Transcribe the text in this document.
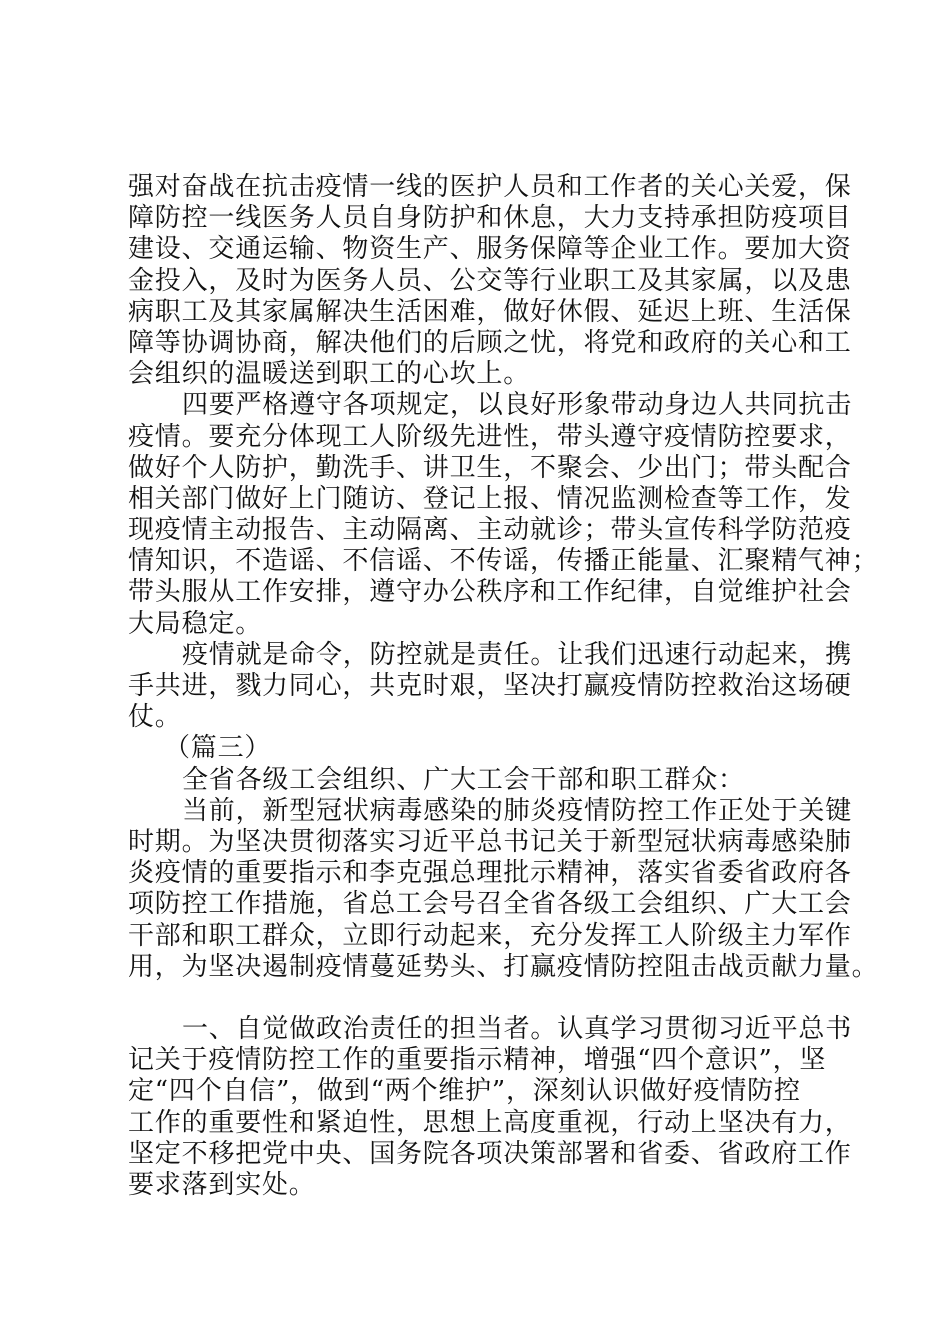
强对奋战在抗击疫情一线的医护人员和工作者的关心关爱，保
障防控一线医务人员自身防护和休息，大力支持承担防疫项目
建设、交通运输、物资生产、服务保障等企业工作。要加大资
金投入，及时为医务人员、公交等行业职工及其家属，以及患
病职工及其家属解决生活困难，做好休假、延迟上班、生活保
障等协调协商，解决他们的后顾之忧，将党和政府的关心和工
会组织的温暖送到职工的心坎上。
四要严格遵守各项规定，以良好形象带动身边人共同抗击
疫情。要充分体现工人阶级先进性，带头遵守疫情防控要求，
做好个人防护，勤洗手、讲卫生，不聚会、少出门；带头配合
相关部门做好上门随访、登记上报、情况监测检查等工作，发
现疫情主动报告、主动隔离、主动就诊；带头宣传科学防范疫
情知识，不造谣、不信谣、不传谣，传播正能量、汇聚精气神；
带头服从工作安排，遵守办公秩序和工作纪律，自觉维护社会
大局稳定。
疫情就是命令，防控就是责任。让我们迅速行动起来，携
手共进，戮力同心，共克时艰，坚决打赢疫情防控救治这场硬
仗。
（篇三）
全省各级工会组织、广大工会干部和职工群众：
当前，新型冠状病毒感染的肺炎疫情防控工作正处于关键
时期。为坚决贯彻落实习近平总书记关于新型冠状病毒感染肺
炎疫情的重要指示和李克强总理批示精神，落实省委省政府各
项防控工作措施，省总工会号召全省各级工会组织、广大工会
干部和职工群众，立即行动起来，充分发挥工人阶级主力军作
用，为坚决遏制疫情蔓延势头、打赢疫情防控阻击战贡献力量。
一、自觉做政治责任的担当者。认真学习贯彻习近平总书
记关于疫情防控工作的重要指示精神，增强“四个意识”，坚
定“四个自信”，做到“两个维护”，深刻认识做好疫情防控
工作的重要性和紧迫性，思想上高度重视，行动上坚决有力，
坚定不移把党中央、国务院各项决策部署和省委、省政府工作
要求落到实处。
